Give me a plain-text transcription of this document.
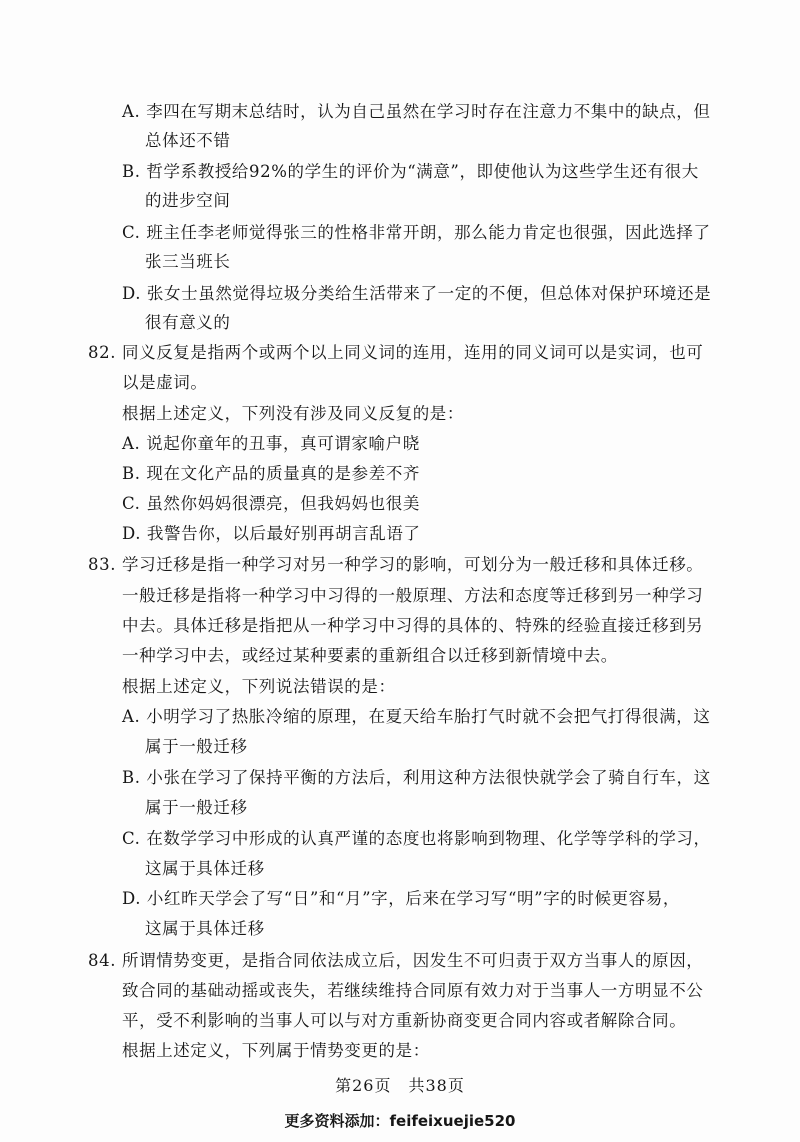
A. 李四在写期末总结时，认为自己虽然在学习时存在注意力不集中的缺点，但
总体还不错
B. 哲学系教授给92%的学生的评价为“满意”，即使他认为这些学生还有很大
的进步空间
C. 班主任李老师觉得张三的性格非常开朗，那么能力肯定也很强，因此选择了
张三当班长
D. 张女士虽然觉得垃圾分类给生活带来了一定的不便，但总体对保护环境还是
很有意义的
82. 同义反复是指两个或两个以上同义词的连用，连用的同义词可以是实词，也可
以是虚词。
根据上述定义，下列没有涉及同义反复的是：
A. 说起你童年的丑事，真可谓家喻户晓
B. 现在文化产品的质量真的是参差不齐
C. 虽然你妈妈很漂亮，但我妈妈也很美
D. 我警告你，以后最好别再胡言乱语了
83. 学习迁移是指一种学习对另一种学习的影响，可划分为一般迁移和具体迁移。
一般迁移是指将一种学习中习得的一般原理、方法和态度等迁移到另一种学习
中去。具体迁移是指把从一种学习中习得的具体的、特殊的经验直接迁移到另
一种学习中去，或经过某种要素的重新组合以迁移到新情境中去。
根据上述定义，下列说法错误的是：
A. 小明学习了热胀冷缩的原理，在夏天给车胎打气时就不会把气打得很满，这
属于一般迁移
B. 小张在学习了保持平衡的方法后，利用这种方法很快就学会了骑自行车，这
属于一般迁移
C. 在数学学习中形成的认真严谨的态度也将影响到物理、化学等学科的学习，
这属于具体迁移
D. 小红昨天学会了写“日”和“月”字，后来在学习写“明”字的时候更容易，
这属于具体迁移
84. 所谓情势变更，是指合同依法成立后，因发生不可归责于双方当事人的原因，
致合同的基础动摇或丧失，若继续维持合同原有效力对于当事人一方明显不公
平，受不利影响的当事人可以与对方重新协商变更合同内容或者解除合同。
根据上述定义，下列属于情势变更的是：
第26页　共38页
更多资料添加：feifeixuejie520
